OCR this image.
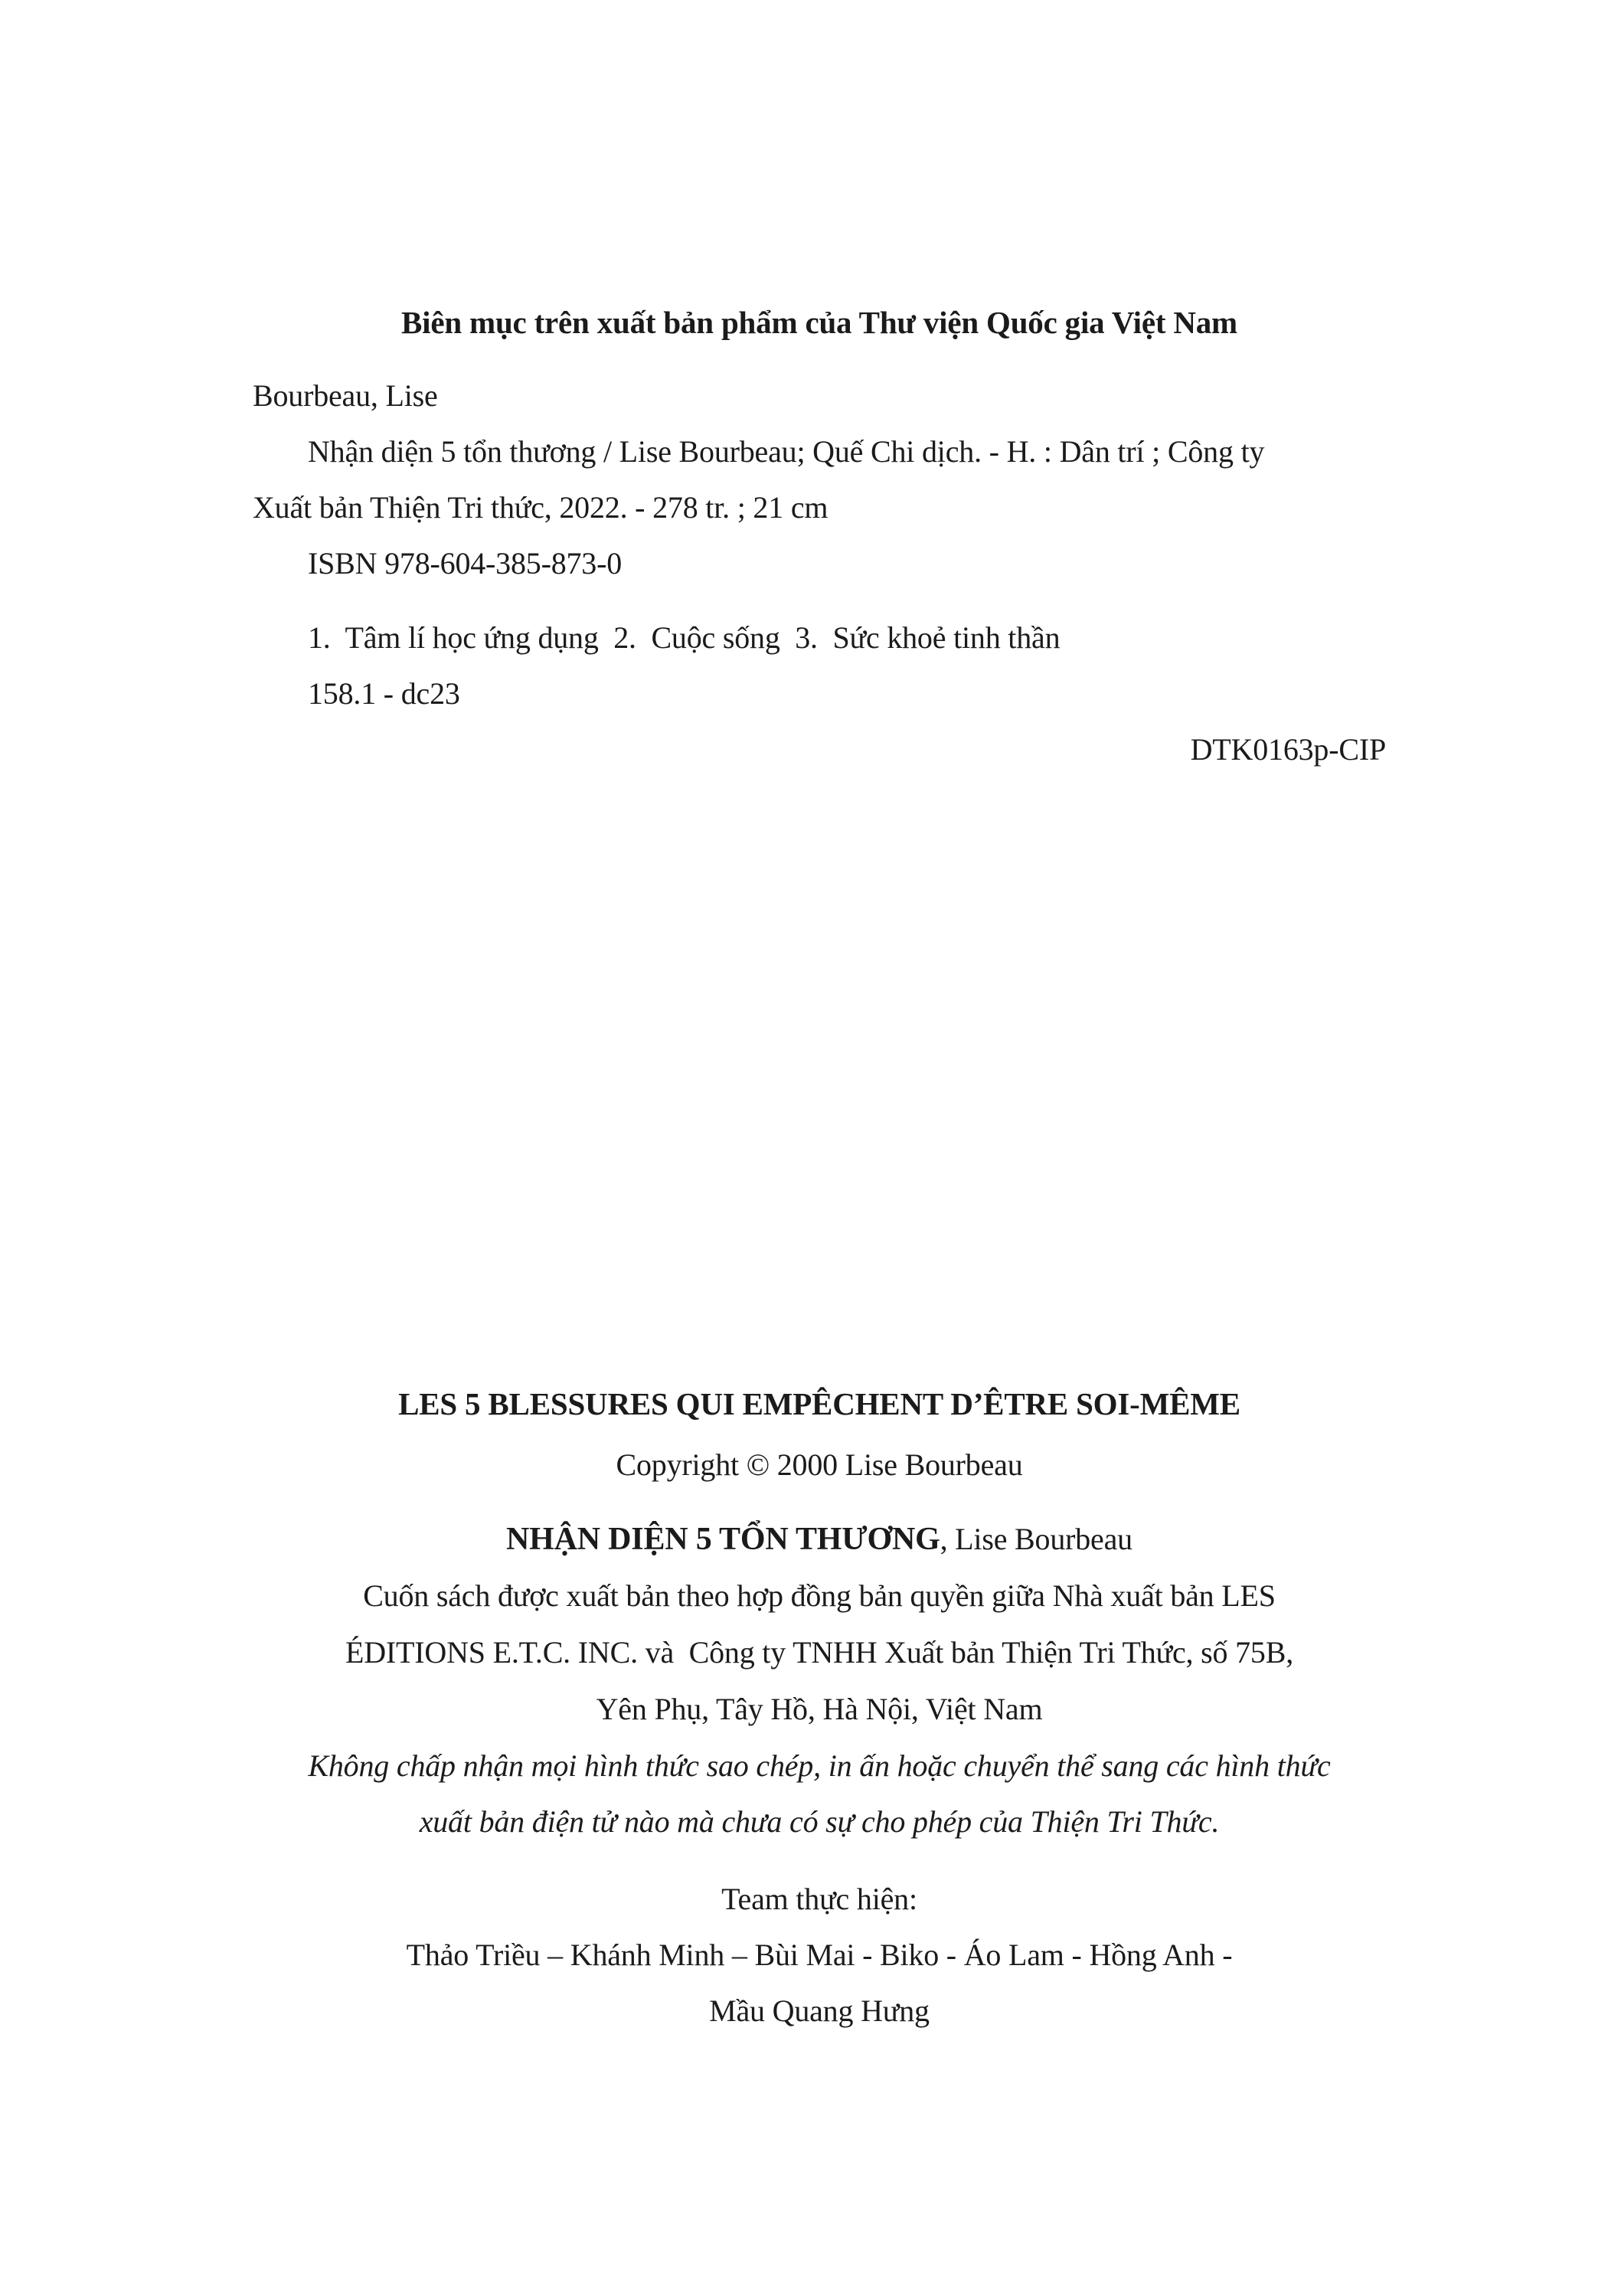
Biên mục trên xuất bản phẩm của Thư viện Quốc gia Việt Nam
Bourbeau, Lise
Nhận diện 5 tổn thương / Lise Bourbeau; Quế Chi dịch. - H. : Dân trí ; Công ty
Xuất bản Thiện Tri thức, 2022. - 278 tr. ; 21 cm
ISBN 978-604-385-873-0
1.  Tâm lí học ứng dụng  2.  Cuộc sống  3.  Sức khoẻ tinh thần
158.1 - dc23
DTK0163p-CIP
LES 5 BLESSURES QUI EMPÊCHENT D’ÊTRE SOI-MÊME
Copyright © 2000 Lise Bourbeau
NHẬN DIỆN 5 TỔN THƯƠNG, Lise Bourbeau
Cuốn sách được xuất bản theo hợp đồng bản quyền giữa Nhà xuất bản LES
ÉDITIONS E.T.C. INC. và  Công ty TNHH Xuất bản Thiện Tri Thức, số 75B,
Yên Phụ, Tây Hồ, Hà Nội, Việt Nam
Không chấp nhận mọi hình thức sao chép, in ấn hoặc chuyển thể sang các hình thức
xuất bản điện tử nào mà chưa có sự cho phép của Thiện Tri Thức.
Team thực hiện:
Thảo Triều – Khánh Minh – Bùi Mai - Biko - Áo Lam - Hồng Anh -
Mầu Quang Hưng
